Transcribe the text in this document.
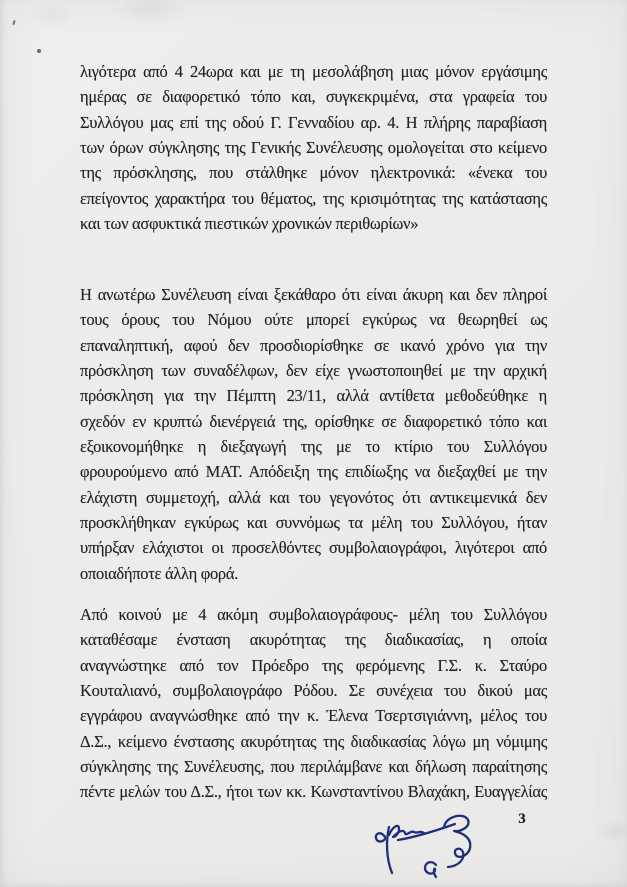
λιγότερα από 4 24ωρα και με τη μεσολάβηση μιας μόνον εργάσιμης
ημέρας σε διαφορετικό τόπο και, συγκεκριμένα, στα γραφεία του
Συλλόγου μας επί της οδού Γ. Γενναδίου αρ. 4. Η πλήρης παραβίαση
των όρων σύγκλησης της Γενικής Συνέλευσης ομολογείται στο κείμενο
της πρόσκλησης, που στάλθηκε μόνον ηλεκτρονικά: «ένεκα του
επείγοντος χαρακτήρα του θέματος, της κρισιμότητας της κατάστασης
και των ασφυκτικά πιεστικών χρονικών περιθωρίων»
Η ανωτέρω Συνέλευση είναι ξεκάθαρο ότι είναι άκυρη και δεν πληροί
τους όρους του Νόμου ούτε μπορεί εγκύρως να θεωρηθεί ως
επαναληπτική, αφού δεν προσδιορίσθηκε σε ικανό χρόνο για την
πρόσκληση των συναδέλφων, δεν είχε γνωστοποιηθεί με την αρχική
πρόσκληση για την Πέμπτη 23/11, αλλά αντίθετα μεθοδεύθηκε η
σχεδόν εν κρυπτώ διενέργειά της, ορίσθηκε σε διαφορετικό τόπο και
εξοικονομήθηκε η διεξαγωγή της με το κτίριο του Συλλόγου
φρουρούμενο από ΜΑΤ. Απόδειξη της επιδίωξης να διεξαχθεί με την
ελάχιστη συμμετοχή, αλλά και του γεγονότος ότι αντικειμενικά δεν
προσκλήθηκαν εγκύρως και συννόμως τα μέλη του Συλλόγου, ήταν
υπήρξαν ελάχιστοι οι προσελθόντες συμβολαιογράφοι, λιγότεροι από
οποιαδήποτε άλλη φορά.
Από κοινού με 4 ακόμη συμβολαιογράφους- μέλη του Συλλόγου
καταθέσαμε ένσταση ακυρότητας της διαδικασίας, η οποία
αναγνώστηκε από τον Πρόεδρο της φερόμενης Γ.Σ. κ. Σταύρο
Κουταλιανό, συμβολαιογράφο Ρόδου. Σε συνέχεια του δικού μας
εγγράφου αναγνώσθηκε από την κ. Έλενα Τσερτσιγιάννη, μέλος του
Δ.Σ., κείμενο ένστασης ακυρότητας της διαδικασίας λόγω μη νόμιμης
σύγκλησης της Συνέλευσης, που περιλάμβανε και δήλωση παραίτησης
πέντε μελών του Δ.Σ., ήτοι των κκ. Κωνσταντίνου Βλαχάκη, Ευαγγελίας
3
